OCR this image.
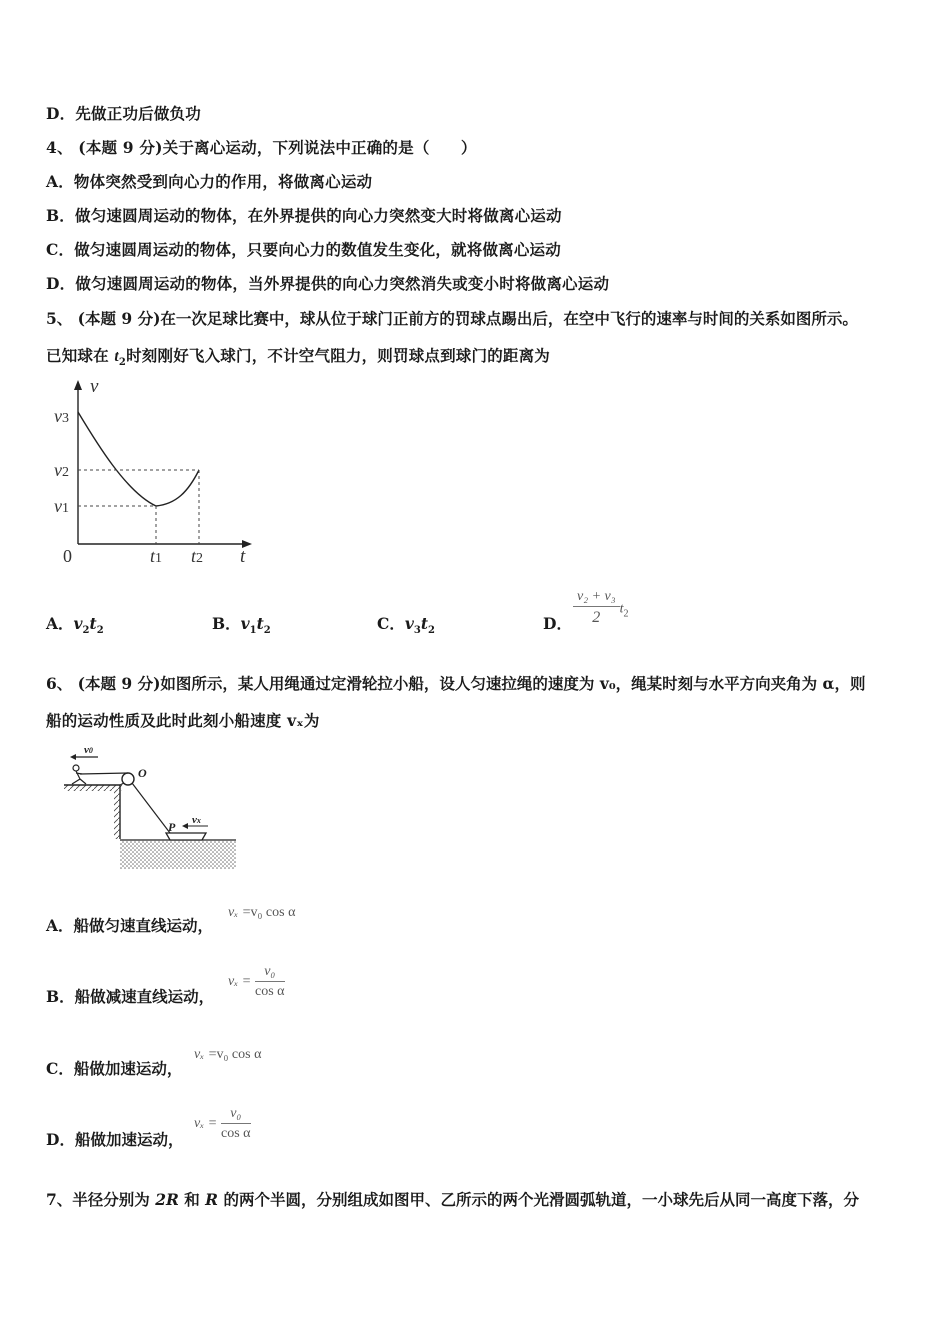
D．先做正功后做负功
4、 (本题 9 分)关于离心运动，下列说法中正确的是（　　）
A．物体突然受到向心力的作用，将做离心运动
B．做匀速圆周运动的物体，在外界提供的向心力突然变大时将做离心运动
C．做匀速圆周运动的物体，只要向心力的数值发生变化，就将做离心运动
D．做匀速圆周运动的物体，当外界提供的向心力突然消失或变小时将做离心运动
5、 (本题 9 分)在一次足球比赛中，球从位于球门正前方的罚球点踢出后，在空中飞行的速率与时间的关系如图所示。
已知球在 $t_2$时刻刚好飞入球门，不计空气阻力，则罚球点到球门的距离为
v
t
0
v3
v2
v1
t1 t2
A．$v_2t_2$	B．$v_1t_2$	C．$v_3t_2$	D． $\frac{\text{v₂ + v₃}}{2} t_2$
6、 (本题 9 分)如图所示，某人用绳通过定滑轮拉小船，设人匀速拉绳的速度为 v₀，绳某时刻与水平方向夹角为 α，则
船的运动性质及此时此刻小船速度 vₓ为
v0
O
P vx
A．船做匀速直线运动，
vₓ =v₀ cos α
B．船做减速直线运动，
$v_x = \frac{\text{v₀}}{\text{cos α}}$
C．船做加速运动，
vₓ =v₀ cos α
D．船做加速运动，
$v_x = \frac{\text{v₀}}{\text{cos α}}$
7、半径分别为 2R 和 R 的两个半圆，分别组成如图甲、乙所示的两个光滑圆弧轨道，一小球先后从同一高度下落，分
